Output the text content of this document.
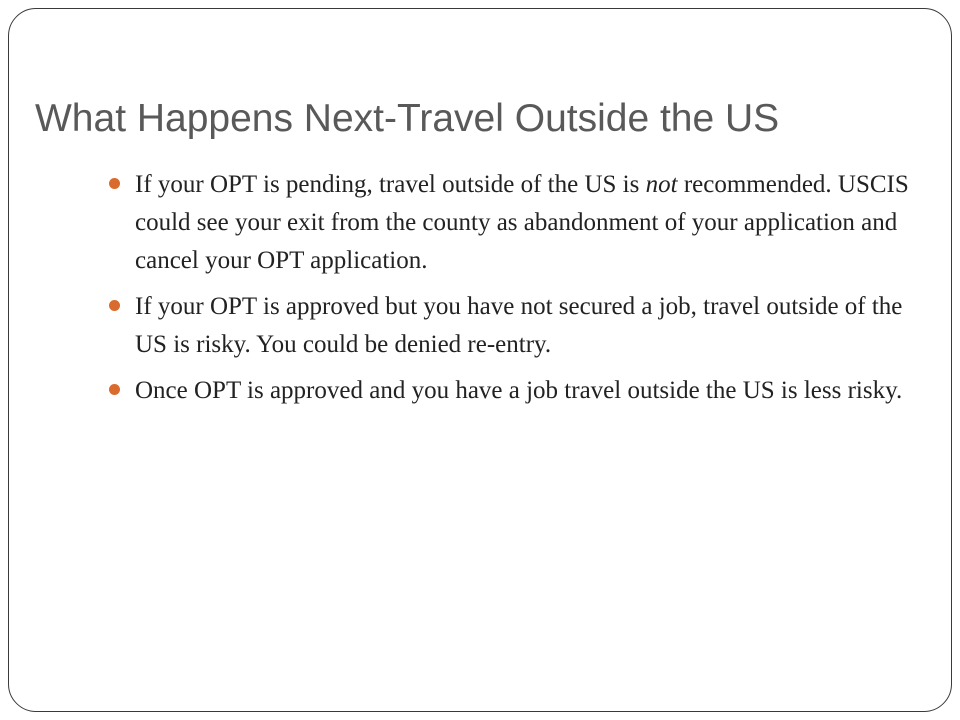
What Happens Next-Travel Outside the US
If your OPT is pending, travel outside of the US is not recommended. USCIS could see your exit from the county as abandonment of your application and cancel your OPT application.
If your OPT is approved but you have not secured a job, travel outside of the US is risky. You could be denied re-entry.
Once OPT is approved and you have a job travel outside the US is less risky.
